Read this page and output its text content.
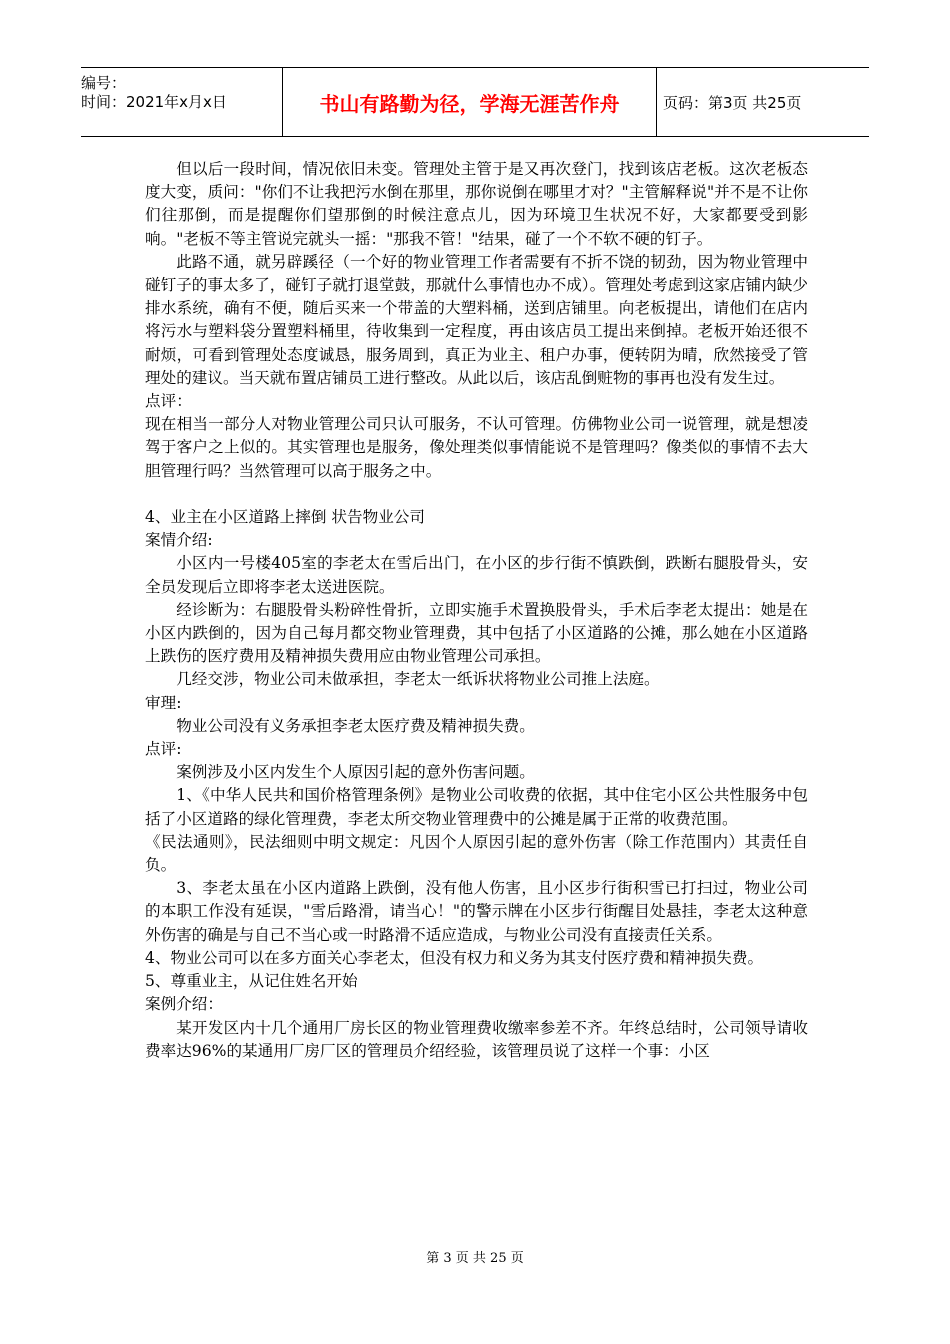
编号：
时间：2021年x月x日	书山有路勤为径，学海无涯苦作舟	页码：第3页 共25页

但以后一段时间，情况依旧未变。管理处主管于是又再次登门，找到该店老板。这次老板态度大变，质问："你们不让我把污水倒在那里，那你说倒在哪里才对？"主管解释说"并不是不让你们往那倒，而是提醒你们望那倒的时候注意点儿，因为环境卫生状况不好，大家都要受到影响。"老板不等主管说完就头一摇："那我不管！"结果，碰了一个不软不硬的钉子。

此路不通，就另辟蹊径（一个好的物业管理工作者需要有不折不饶的韧劲，因为物业管理中碰钉子的事太多了，碰钉子就打退堂鼓，那就什么事情也办不成）。管理处考虑到这家店铺内缺少排水系统，确有不便，随后买来一个带盖的大塑料桶，送到店铺里。向老板提出，请他们在店内将污水与塑料袋分置塑料桶里，待收集到一定程度，再由该店员工提出来倒掉。老板开始还很不耐烦，可看到管理处态度诚恳，服务周到，真正为业主、租户办事，便转阴为晴，欣然接受了管理处的建议。当天就布置店铺员工进行整改。从此以后，该店乱倒赃物的事再也没有发生过。

点评：

现在相当一部分人对物业管理公司只认可服务，不认可管理。仿佛物业公司一说管理，就是想凌驾于客户之上似的。其实管理也是服务，像处理类似事情能说不是管理吗？像类似的事情不去大胆管理行吗？当然管理可以高于服务之中。

4、业主在小区道路上摔倒 状告物业公司

案情介绍:

小区内一号楼405室的李老太在雪后出门，在小区的步行街不慎跌倒，跌断右腿股骨头，安全员发现后立即将李老太送进医院。

经诊断为：右腿股骨头粉碎性骨折，立即实施手术置换股骨头，手术后李老太提出：她是在小区内跌倒的，因为自己每月都交物业管理费，其中包括了小区道路的公摊，那么她在小区道路上跌伤的医疗费用及精神损失费用应由物业管理公司承担。

几经交涉，物业公司未做承担，李老太一纸诉状将物业公司推上法庭。

审理:

物业公司没有义务承担李老太医疗费及精神损失费。

点评:

案例涉及小区内发生个人原因引起的意外伤害问题。

1、《中华人民共和国价格管理条例》是物业公司收费的依据，其中住宅小区公共性服务中包括了小区道路的绿化管理费，李老太所交物业管理费中的公摊是属于正常的收费范围。

《民法通则》，民法细则中明文规定：凡因个人原因引起的意外伤害（除工作范围内）其责任自负。

3、李老太虽在小区内道路上跌倒，没有他人伤害，且小区步行街积雪已打扫过，物业公司的本职工作没有延误，"雪后路滑，请当心！"的警示牌在小区步行街醒目处悬挂，李老太这种意外伤害的确是与自己不当心或一时路滑不适应造成，与物业公司没有直接责任关系。

4、物业公司可以在多方面关心李老太，但没有权力和义务为其支付医疗费和精神损失费。

5、尊重业主，从记住姓名开始

案例介绍：

某开发区内十几个通用厂房长区的物业管理费收缴率参差不齐。年终总结时，公司领导请收费率达96%的某通用厂房厂区的管理员介绍经验，该管理员说了这样一个事：小区

第 3 页 共 25 页
